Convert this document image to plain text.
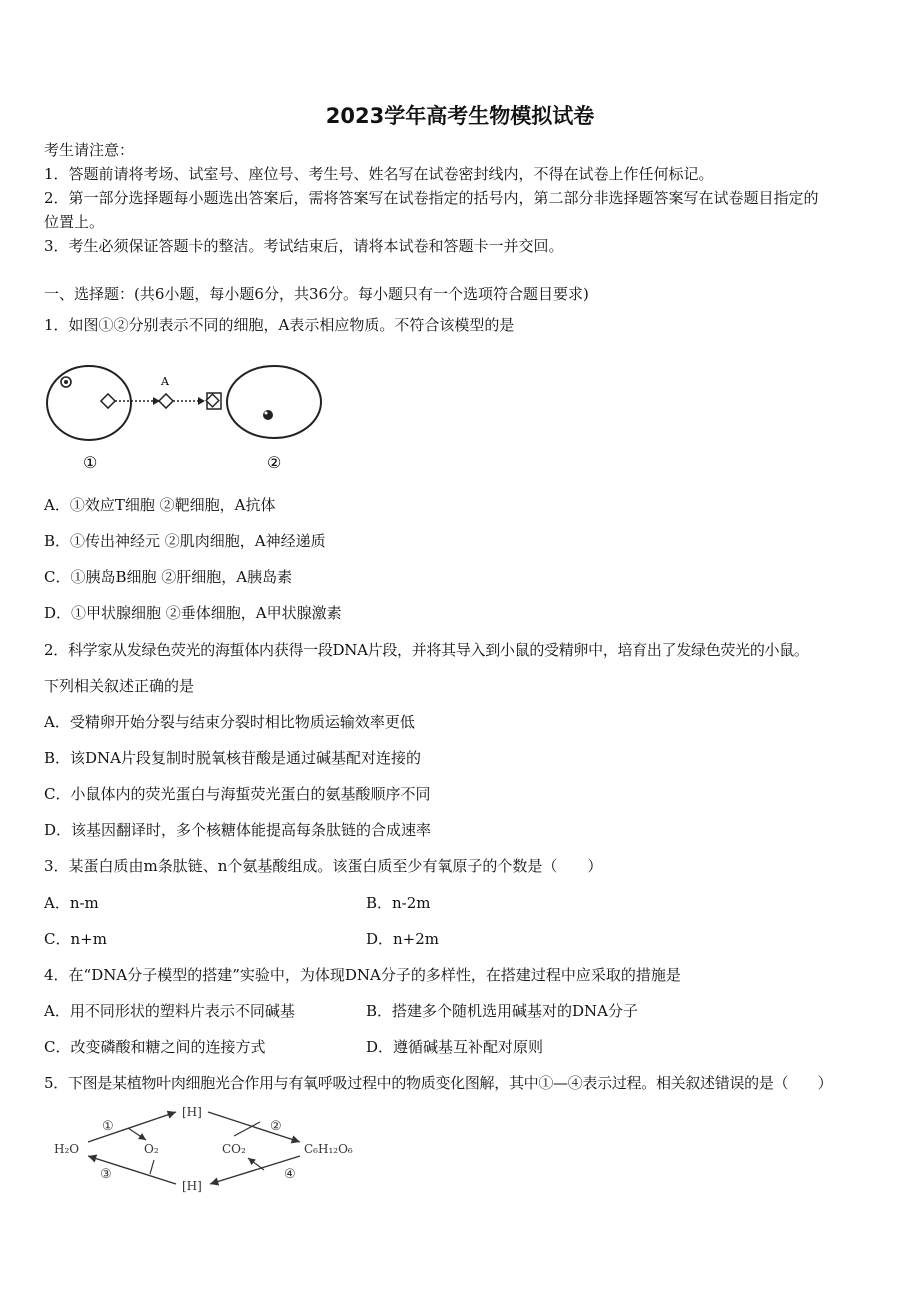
2023学年高考生物模拟试卷
考生请注意：
1．答题前请将考场、试室号、座位号、考生号、姓名写在试卷密封线内，不得在试卷上作任何标记。
2．第一部分选择题每小题选出答案后，需将答案写在试卷指定的括号内，第二部分非选择题答案写在试卷题目指定的
位置上。
3．考生必须保证答题卡的整洁。考试结束后，请将本试卷和答题卡一并交回。
一、选择题：(共6小题，每小题6分，共36分。每小题只有一个选项符合题目要求)
1．如图①②分别表示不同的细胞，A表示相应物质。不符合该模型的是
A
①	②
A．①效应T细胞 ②靶细胞，A抗体
B．①传出神经元 ②肌肉细胞，A神经递质
C．①胰岛B细胞 ②肝细胞，A胰岛素
D．①甲状腺细胞 ②垂体细胞，A甲状腺激素
2．科学家从发绿色荧光的海蜇体内获得一段DNA片段，并将其导入到小鼠的受精卵中，培育出了发绿色荧光的小鼠。
下列相关叙述正确的是
A．受精卵开始分裂与结束分裂时相比物质运输效率更低
B．该DNA片段复制时脱氧核苷酸是通过碱基配对连接的
C．小鼠体内的荧光蛋白与海蜇荧光蛋白的氨基酸顺序不同
D．该基因翻译时，多个核糖体能提高每条肽链的合成速率
3．某蛋白质由m条肽链、n个氨基酸组成。该蛋白质至少有氧原子的个数是（　　）
A．n-m	B．n-2m
C．n+m	D．n+2m
4．在“DNA分子模型的搭建”实验中，为体现DNA分子的多样性，在搭建过程中应采取的措施是
A．用不同形状的塑料片表示不同碱基	B．搭建多个随机选用碱基对的DNA分子
C．改变磷酸和糖之间的连接方式	D．遵循碱基互补配对原则
5．下图是某植物叶肉细胞光合作用与有氧呼吸过程中的物质变化图解，其中①—④表示过程。相关叙述错误的是（　　）
H₂O
[H]
[H]
O₂	CO₂	C₆H₁₂O₆
①	②
③	④
